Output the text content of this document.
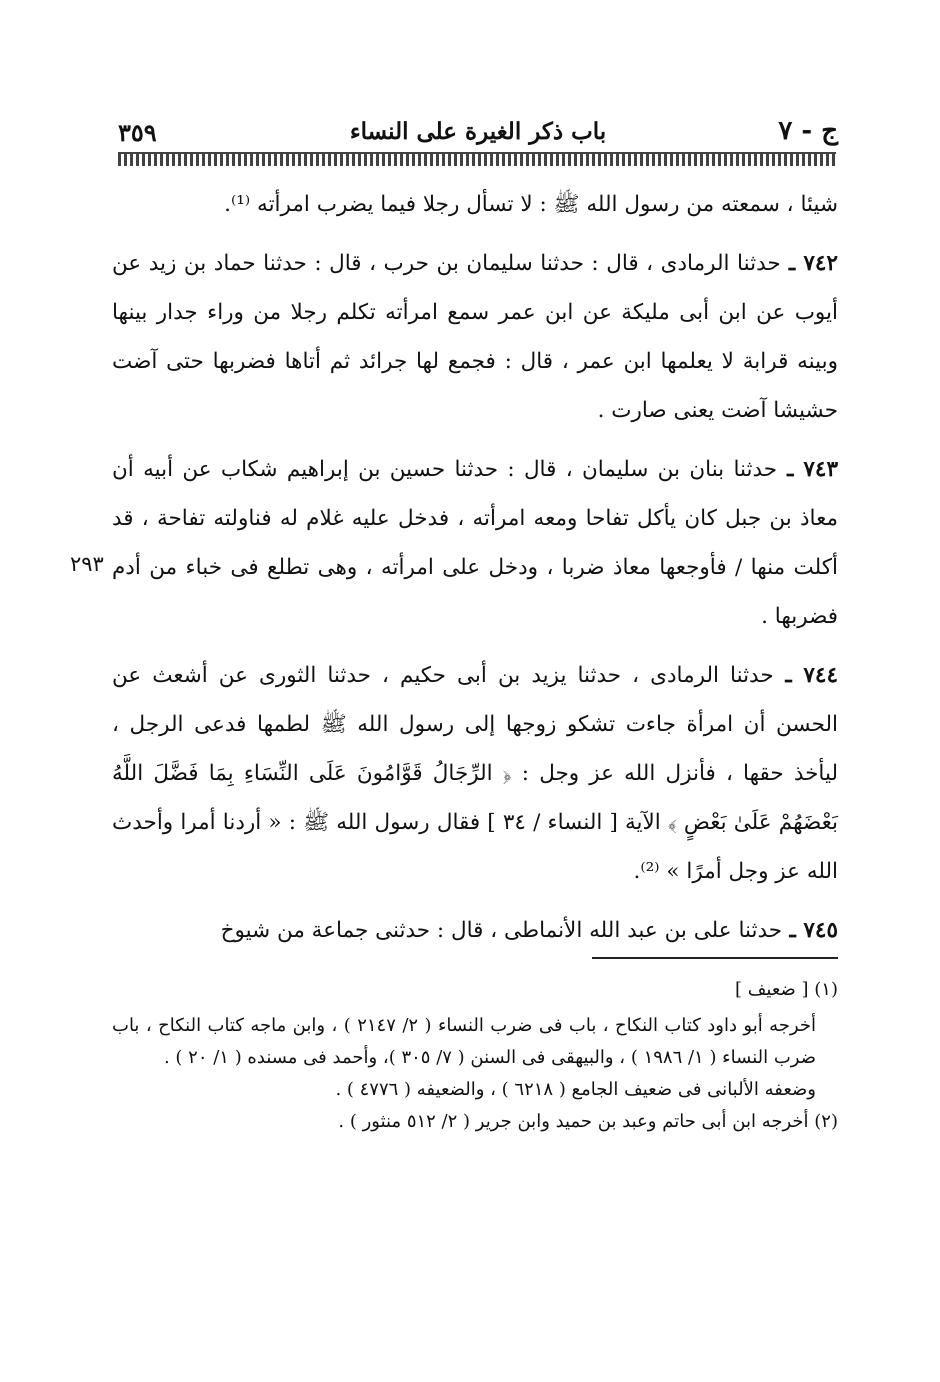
ج - ٧
باب ذكر الغيرة على النساء
٣٥٩

شيئا ، سمعته من رسول الله ﷺ : لا تسأل رجلا فيما يضرب امرأته ⁽¹⁾.

٧٤٢ ـ حدثنا الرمادى ، قال : حدثنا سليمان بن حرب ، قال : حدثنا حماد بن زيد عن أيوب عن ابن أبى مليكة عن ابن عمر سمع امرأته تكلم رجلا من وراء جدار بينها وبينه قرابة لا يعلمها ابن عمر ، قال : فجمع لها جرائد ثم أتاها فضربها حتى آضت حشيشا آضت يعنى صارت .

٧٤٣ ـ حدثنا بنان بن سليمان ، قال : حدثنا حسين بن إبراهيم شكاب عن أبيه أن معاذ بن جبل كان يأكل تفاحا ومعه امرأته ، فدخل عليه غلام له فناولته تفاحة ، قد أكلت منها / فأوجعها معاذ ضربا ، ودخل على امرأته ، وهى تطلع فى خباء من أدم فضربها .

٧٤٤ ـ حدثنا الرمادى ، حدثنا يزيد بن أبى حكيم ، حدثنا الثورى عن أشعث عن الحسن أن امرأة جاءت تشكو زوجها إلى رسول الله ﷺ لطمها فدعى الرجل ، ليأخذ حقها ، فأنزل الله عز وجل : ﴿ الرِّجَالُ قَوَّامُونَ عَلَى النِّسَاءِ بِمَا فَضَّلَ اللَّهُ بَعْضَهُمْ عَلَىٰ بَعْضٍ ﴾ الآية [ النساء / ٣٤ ] فقال رسول الله ﷺ : « أردنا أمرا وأحدث الله عز وجل أمرًا » ⁽²⁾.

٧٤٥ ـ حدثنا على بن عبد الله الأنماطى ، قال : حدثنى جماعة من شيوخ

٢٩٣

(١) [ ضعيف ]

أخرجه أبو داود كتاب النكاح ، باب فى ضرب النساء ( ٢/ ٢١٤٧ ) ، وابن ماجه كتاب النكاح ، باب ضرب النساء ( ١/ ١٩٨٦ ) ، والبيهقى فى السنن ( ٧/ ٣٠٥ )، وأحمد فى مسنده ( ١/ ٢٠ ) .

وضعفه الألبانى فى ضعيف الجامع ( ٦٢١٨ ) ، والضعيفه ( ٤٧٧٦ ) .

(٢) أخرجه ابن أبى حاتم وعبد بن حميد وابن جرير ( ٢/ ٥١٢ منثور ) .
